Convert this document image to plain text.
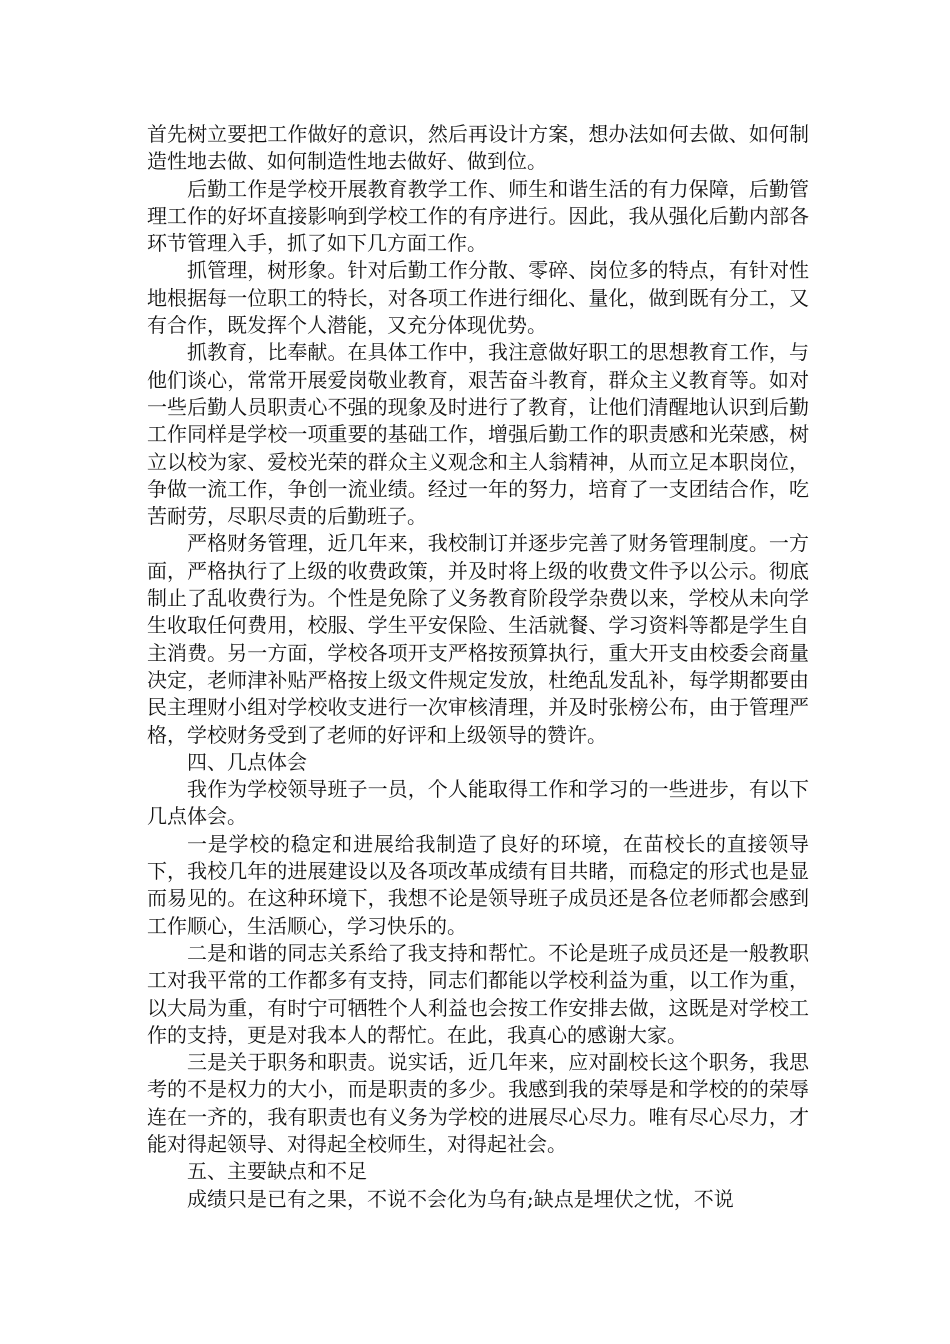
首先树立要把工作做好的意识，然后再设计方案，想办法如何去做、如何制造性地去做、如何制造性地去做好、做到位。

后勤工作是学校开展教育教学工作、师生和谐生活的有力保障，后勤管理工作的好坏直接影响到学校工作的有序进行。因此，我从强化后勤内部各环节管理入手，抓了如下几方面工作。

抓管理，树形象。针对后勤工作分散、零碎、岗位多的特点，有针对性地根据每一位职工的特长，对各项工作进行细化、量化，做到既有分工，又有合作，既发挥个人潜能，又充分体现优势。

抓教育，比奉献。在具体工作中，我注意做好职工的思想教育工作，与他们谈心，常常开展爱岗敬业教育，艰苦奋斗教育，群众主义教育等。如对一些后勤人员职责心不强的现象及时进行了教育，让他们清醒地认识到后勤工作同样是学校一项重要的基础工作，增强后勤工作的职责感和光荣感，树立以校为家、爱校光荣的群众主义观念和主人翁精神，从而立足本职岗位，争做一流工作，争创一流业绩。经过一年的努力，培育了一支团结合作，吃苦耐劳，尽职尽责的后勤班子。

严格财务管理，近几年来，我校制订并逐步完善了财务管理制度。一方面，严格执行了上级的收费政策，并及时将上级的收费文件予以公示。彻底制止了乱收费行为。个性是免除了义务教育阶段学杂费以来，学校从未向学生收取任何费用，校服、学生平安保险、生活就餐、学习资料等都是学生自主消费。另一方面，学校各项开支严格按预算执行，重大开支由校委会商量决定，老师津补贴严格按上级文件规定发放，杜绝乱发乱补，每学期都要由民主理财小组对学校收支进行一次审核清理，并及时张榜公布，由于管理严格，学校财务受到了老师的好评和上级领导的赞许。

四、几点体会

我作为学校领导班子一员，个人能取得工作和学习的一些进步，有以下几点体会。

一是学校的稳定和进展给我制造了良好的环境，在苗校长的直接领导下，我校几年的进展建设以及各项改革成绩有目共睹，而稳定的形式也是显而易见的。在这种环境下，我想不论是领导班子成员还是各位老师都会感到工作顺心，生活顺心，学习快乐的。

二是和谐的同志关系给了我支持和帮忙。不论是班子成员还是一般教职工对我平常的工作都多有支持，同志们都能以学校利益为重，以工作为重，以大局为重，有时宁可牺牲个人利益也会按工作安排去做，这既是对学校工作的支持，更是对我本人的帮忙。在此，我真心的感谢大家。

三是关于职务和职责。说实话，近几年来，应对副校长这个职务，我思考的不是权力的大小，而是职责的多少。我感到我的荣辱是和学校的的荣辱连在一齐的，我有职责也有义务为学校的进展尽心尽力。唯有尽心尽力，才能对得起领导、对得起全校师生，对得起社会。

五、主要缺点和不足

成绩只是已有之果，不说不会化为乌有;缺点是埋伏之忧，不说
